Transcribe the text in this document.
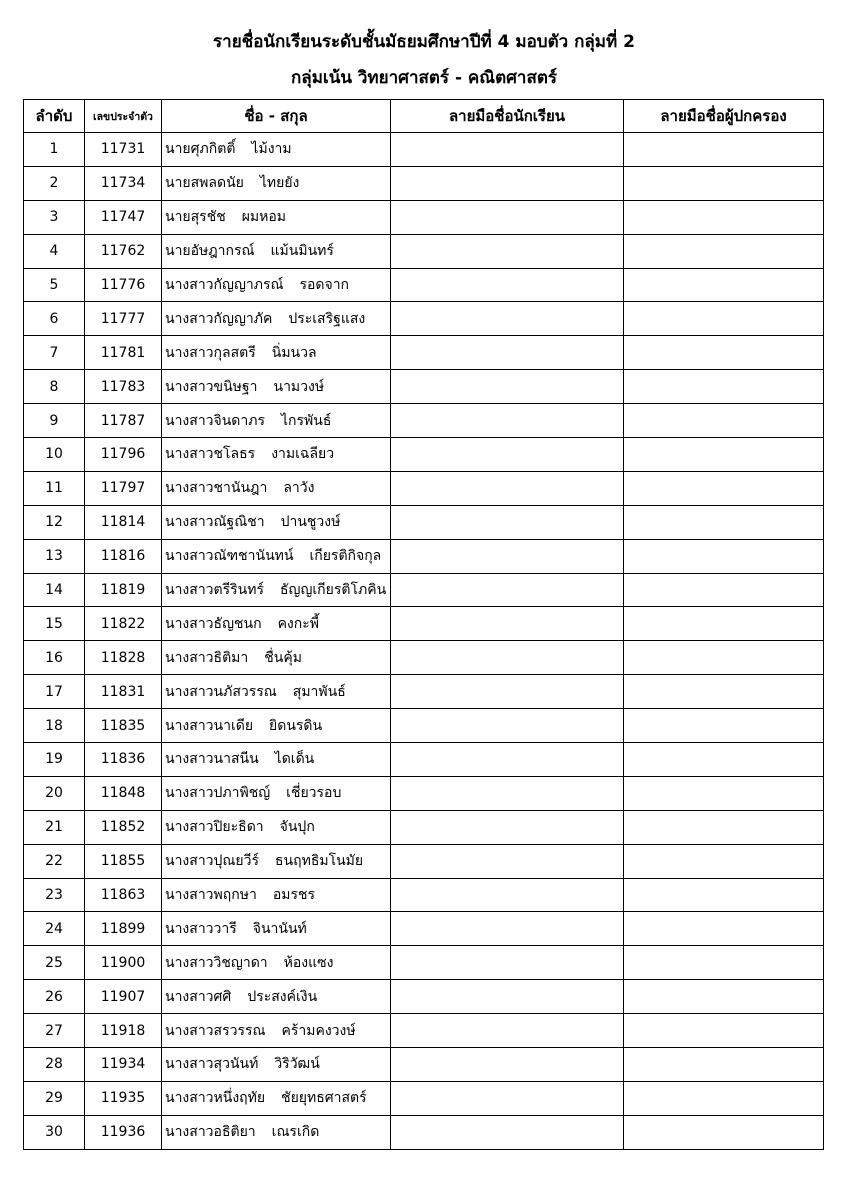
รายชื่อนักเรียนระดับชั้นมัธยมศึกษาปีที่ 4 มอบตัว กลุ่มที่ 2
กลุ่มเน้น วิทยาศาสตร์ - คณิตศาสตร์
ลำดับ	เลขประจำตัว	ชื่อ - สกุล	ลายมือชื่อนักเรียน	ลายมือชื่อผู้ปกครอง
1	11731	นายศุภกิตติ์ ไม้งาม		
2	11734	นายสพลดนัย ไทยยัง		
3	11747	นายสุรชัช ผมหอม		
4	11762	นายอัษฎากรณ์ แม้นมินทร์		
5	11776	นางสาวกัญญาภรณ์ รอดจาก		
6	11777	นางสาวกัญญาภัค ประเสริฐแสง		
7	11781	นางสาวกุลสตรี นิ่มนวล		
8	11783	นางสาวขนิษฐา นามวงษ์		
9	11787	นางสาวจินดาภร ไกรพันธ์		
10	11796	นางสาวชโลธร งามเฉลียว		
11	11797	นางสาวชานันฎา ลาวัง		
12	11814	นางสาวณัฐณิชา ปานชูวงษ์		
13	11816	นางสาวณัฑชานันทน์ เกียรติกิจกุล		
14	11819	นางสาวตรีรินทร์ ธัญญเกียรติโภคิน		
15	11822	นางสาวธัญชนก คงกะพี้		
16	11828	นางสาวธิติมา ชื่นคุ้ม		
17	11831	นางสาวนภัสวรรณ สุมาพันธ์		
18	11835	นางสาวนาเดีย ยิดนรดิน		
19	11836	นางสาวนาสนีน ไดเด็น		
20	11848	นางสาวปภาพิชญ์ เชี่ยวรอบ		
21	11852	นางสาวปิยะธิดา จันปุก		
22	11855	นางสาวปุณยวีร์ ธนฤทธิมโนมัย		
23	11863	นางสาวพฤกษา อมรชร		
24	11899	นางสาววารี จินานันท์		
25	11900	นางสาววิชญาดา ห้องแซง		
26	11907	นางสาวศศิ ประสงค์เงิน		
27	11918	นางสาวสรวรรณ คร้ามคงวงษ์		
28	11934	นางสาวสุวนันท์ วิริวัฒน์		
29	11935	นางสาวหนึ่งฤทัย ชัยยุทธศาสตร์		
30	11936	นางสาวอธิติยา เณรเกิด		
